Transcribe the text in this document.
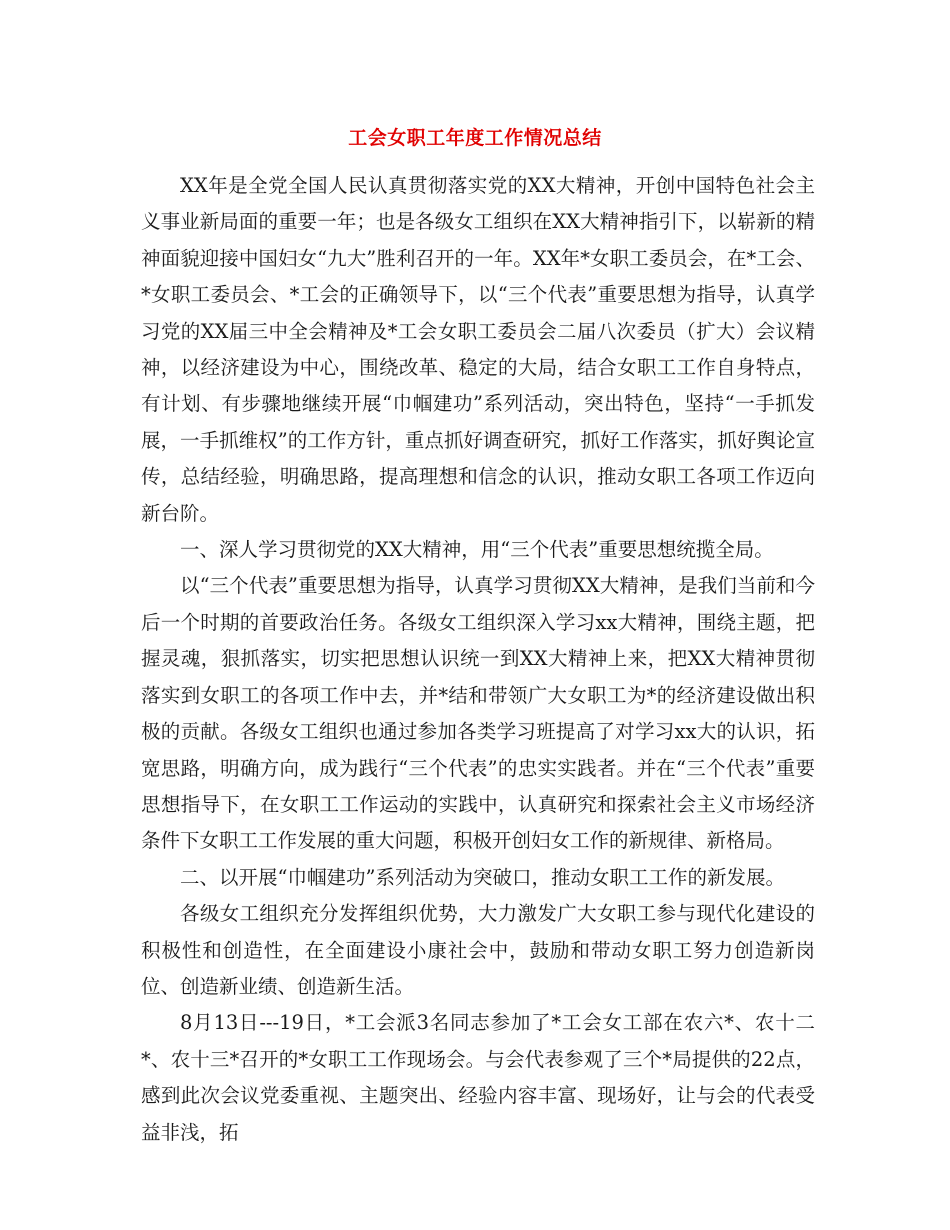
工会女职工年度工作情况总结

XX年是全党全国人民认真贯彻落实党的XX大精神，开创中国特色社会主义事业新局面的重要一年；也是各级女工组织在XX大精神指引下，以崭新的精神面貌迎接中国妇女“九大”胜利召开的一年。XX年*女职工委员会，在*工会、*女职工委员会、*工会的正确领导下，以“三个代表”重要思想为指导，认真学习党的XX届三中全会精神及*工会女职工委员会二届八次委员（扩大）会议精神，以经济建设为中心，围绕改革、稳定的大局，结合女职工工作自身特点，有计划、有步骤地继续开展“巾帼建功”系列活动，突出特色，坚持“一手抓发展，一手抓维权”的工作方针，重点抓好调查研究，抓好工作落实，抓好舆论宣传，总结经验，明确思路，提高理想和信念的认识，推动女职工各项工作迈向新台阶。

一、深人学习贯彻党的XX大精神，用“三个代表”重要思想统揽全局。

以“三个代表”重要思想为指导，认真学习贯彻XX大精神，是我们当前和今后一个时期的首要政治任务。各级女工组织深入学习xx大精神，围绕主题，把握灵魂，狠抓落实，切实把思想认识统一到XX大精神上来，把XX大精神贯彻落实到女职工的各项工作中去，并*结和带领广大女职工为*的经济建设做出积极的贡献。各级女工组织也通过参加各类学习班提高了对学习xx大的认识，拓宽思路，明确方向，成为践行“三个代表”的忠实实践者。并在“三个代表”重要思想指导下，在女职工工作运动的实践中，认真研究和探索社会主义市场经济条件下女职工工作发展的重大问题，积极开创妇女工作的新规律、新格局。

二、以开展“巾帼建功”系列活动为突破口，推动女职工工作的新发展。

各级女工组织充分发挥组织优势，大力激发广大女职工参与现代化建设的积极性和创造性，在全面建设小康社会中，鼓励和带动女职工努力创造新岗位、创造新业绩、创造新生活。

8月13日---19日，*工会派3名同志参加了*工会女工部在农六*、农十二*、农十三*召开的*女职工工作现场会。与会代表参观了三个*局提供的22点，感到此次会议党委重视、主题突出、经验内容丰富、现场好，让与会的代表受益非浅，拓
